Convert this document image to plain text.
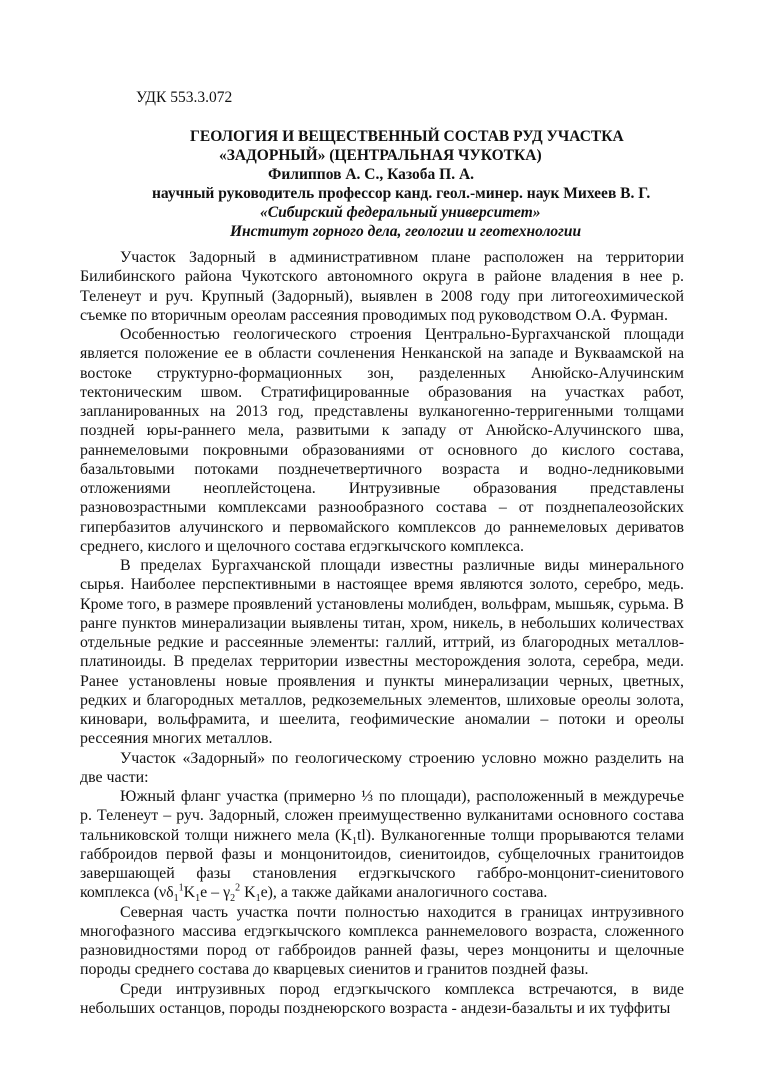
УДК 553.3.072
ГЕОЛОГИЯ И ВЕЩЕСТВЕННЫЙ СОСТАВ РУД УЧАСТКА
«ЗАДОРНЫЙ» (ЦЕНТРАЛЬНАЯ ЧУКОТКА)
Филиппов А. С., Казоба П. А.
научный руководитель профессор канд. геол.-минер. наук Михеев В. Г.
«Сибирский федеральный университет»
Институт горного дела, геологии и геотехнологии

Участок Задорный в административном плане расположен на территории Билибинского района Чукотского автономного округа в районе владения в нее р. Теленеут и руч. Крупный (Задорный), выявлен в 2008 году при литогеохимической съемке по вторичным ореолам рассеяния проводимых под руководством О.А. Фурман.

Особенностью геологического строения Центрально-Бургахчанской площади является положение ее в области сочленения Ненканской на западе и Вукваамской на востоке структурно-формационных зон, разделенных Анюйско-Алучинским тектоническим швом. Стратифицированные образования на участках работ, запланированных на 2013 год, представлены вулканогенно-терригенными толщами поздней юры-раннего мела, развитыми к западу от Анюйско-Алучинского шва, раннемеловыми покровными образованиями от основного до кислого состава, базальтовыми потоками позднечетвертичного возраста и водно-ледниковыми отложениями неоплейстоцена. Интрузивные образования представлены разновозрастными комплексами разнообразного состава – от позднепалеозойских гипербазитов алучинского и первомайского комплексов до раннемеловых дериватов среднего, кислого и щелочного состава егдэгкычского комплекса.

В пределах Бургахчанской площади известны различные виды минерального сырья. Наиболее перспективными в настоящее время являются золото, серебро, медь. Кроме того, в размере проявлений установлены молибден, вольфрам, мышьяк, сурьма. В ранге пунктов минерализации выявлены титан, хром, никель, в небольших количествах отдельные редкие и рассеянные элементы: галлий, иттрий, из благородных металлов- платиноиды. В пределах территории известны месторождения золота, серебра, меди. Ранее установлены новые проявления и пункты минерализации черных, цветных, редких и благородных металлов, редкоземельных элементов, шлиховые ореолы золота, киновари, вольфрамита, и шеелита, геофимические аномалии – потоки и ореолы рессеяния многих металлов.

Участок «Задорный» по геологическому строению условно можно разделить на две части:

Южный фланг участка (примерно ⅓ по площади), расположенный в междуречье р. Теленеут – руч. Задорный, сложен преимущественно вулканитами основного состава тальниковской толщи нижнего мела $(K_1tl)$. Вулканогенные толщи прорываются телами габброидов первой фазы и монцонитоидов, сиенитоидов, субщелочных гранитоидов завершающей фазы становления егдэгкычского габбро-монцонит-сиенитового комплекса ($\nu\delta_1^1K_1e - \gamma_2^2$ $K_1e$), а также дайками аналогичного состава.

Северная часть участка почти полностью находится в границах интрузивного многофазного массива егдэгкычского комплекса раннемелового возраста, сложенного разновидностями пород от габброидов ранней фазы, через монцониты и щелочные породы среднего состава до кварцевых сиенитов и гранитов поздней фазы.

Среди интрузивных пород егдэгкычского комплекса встречаются, в виде небольших останцов, породы позднеюрского возраста - андези-базальты и их туффиты
